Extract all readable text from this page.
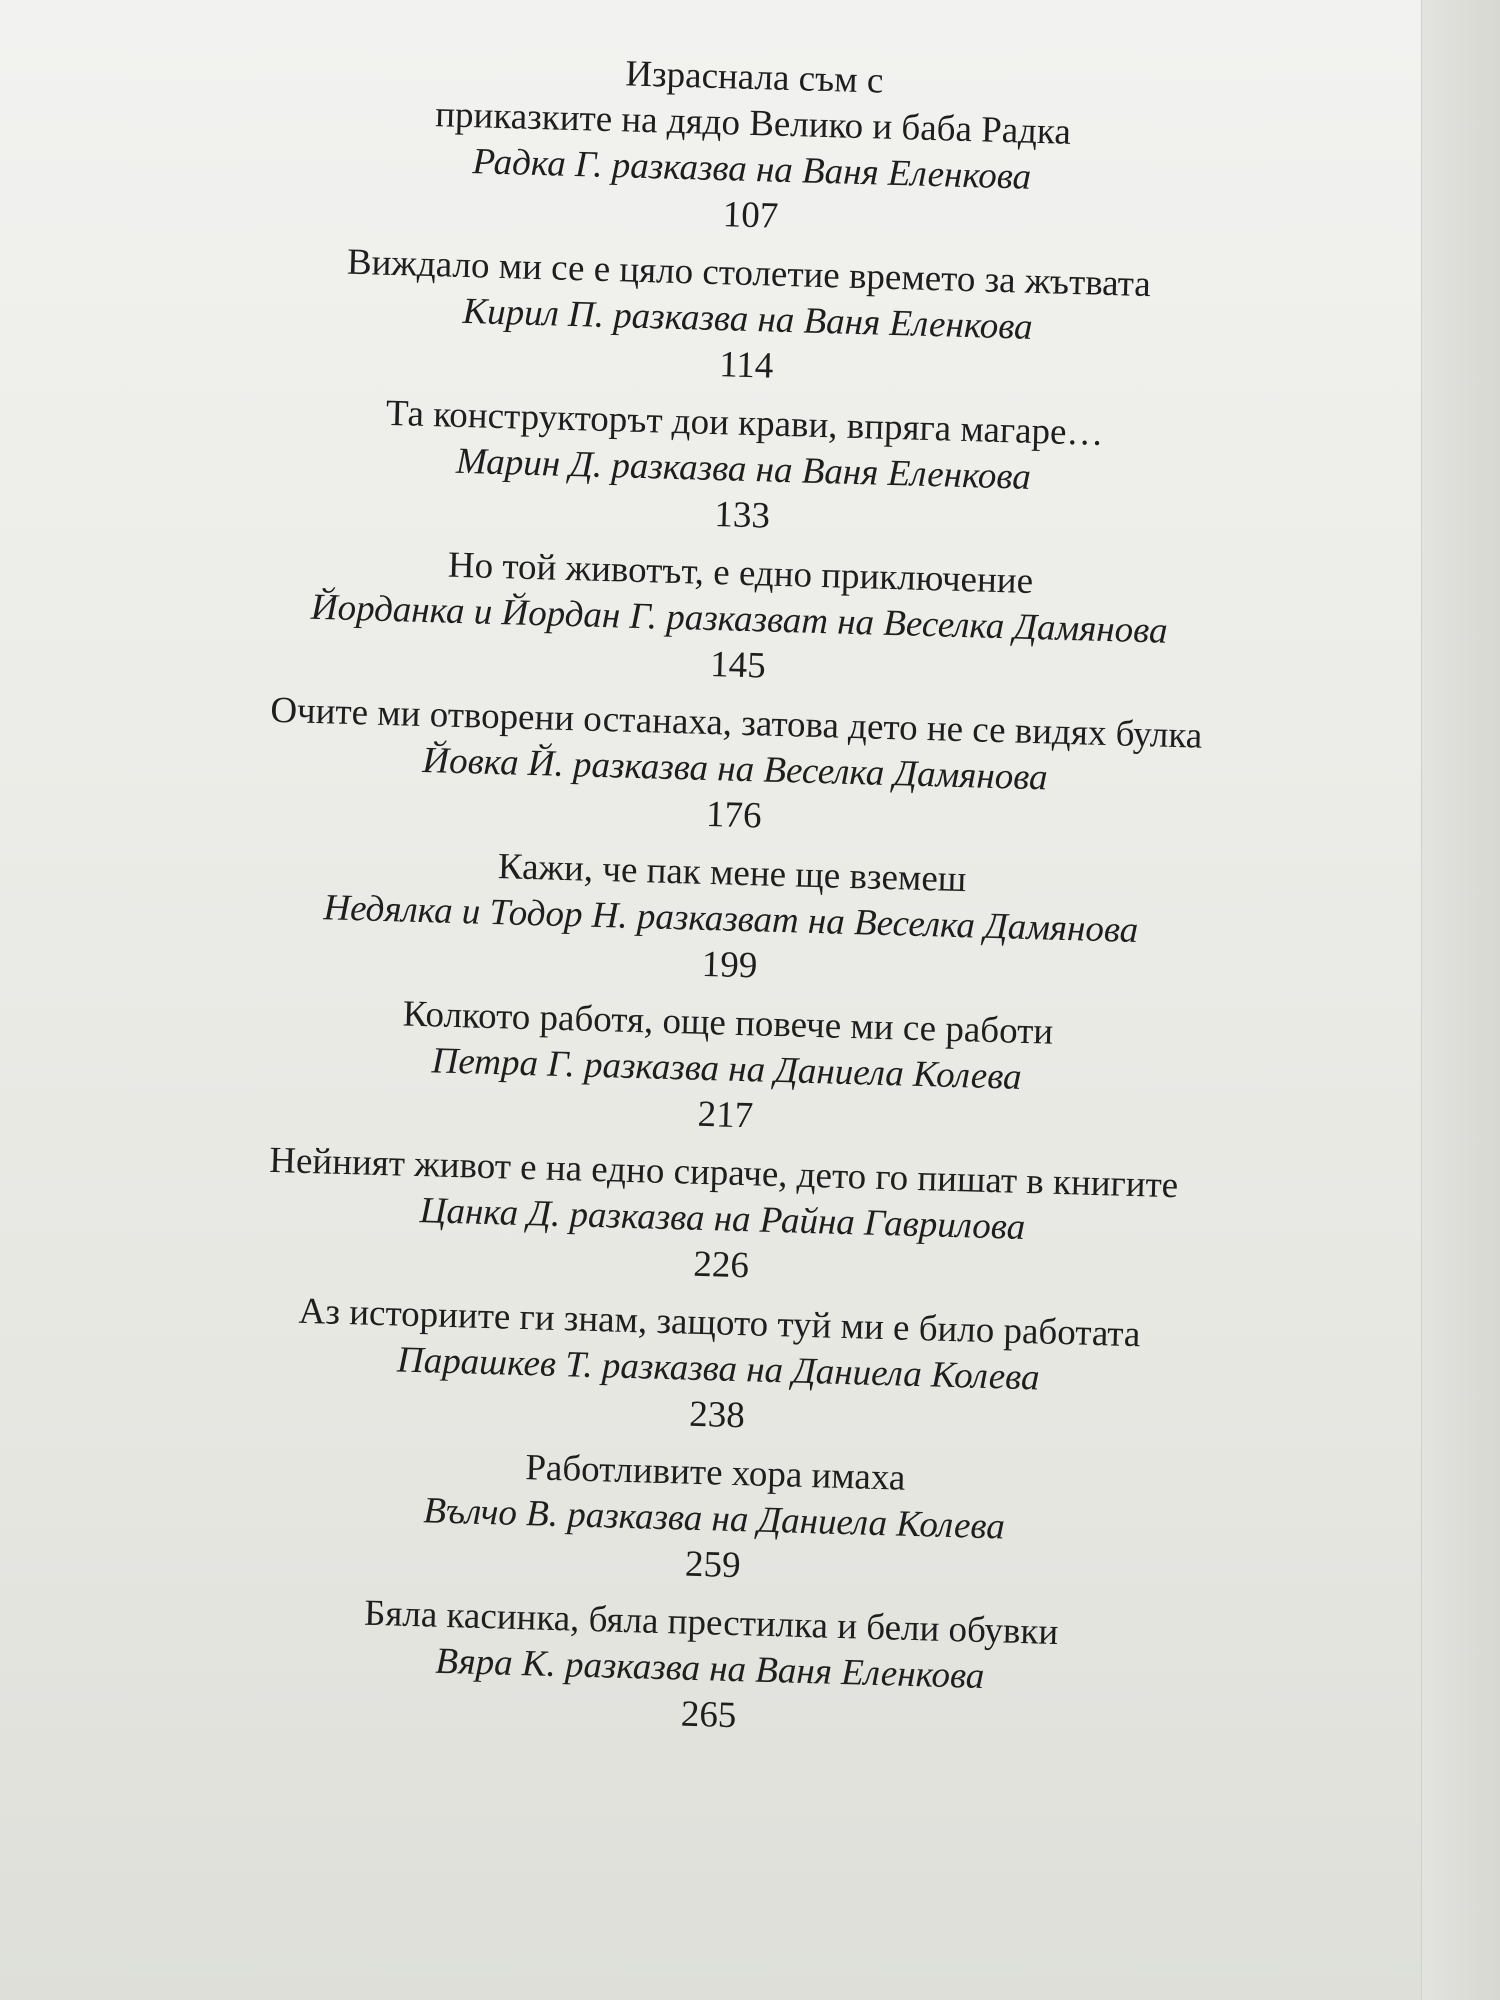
Израснала съм с
приказките на дядо Велико и баба Радка
Радка Г. разказва на Ваня Еленкова
107
Виждало ми се е цяло столетие времето за жътвата
Кирил П. разказва на Ваня Еленкова
114
Та конструкторът дои крави, впряга магаре…
Марин Д. разказва на Ваня Еленкова
133
Но той животът, е едно приключение
Йорданка и Йордан Г. разказват на Веселка Дамянова
145
Очите ми отворени останаха, затова дето не се видях булка
Йовка Й. разказва на Веселка Дамянова
176
Кажи, че пак мене ще вземеш
Недялка и Тодор Н. разказват на Веселка Дамянова
199
Колкото работя, още повече ми се работи
Петра Г. разказва на Даниела Колева
217
Нейният живот е на едно сираче, дето го пишат в книгите
Цанка Д. разказва на Райна Гаврилова
226
Аз историите ги знам, защото туй ми е било работата
Парашкев Т. разказва на Даниела Колева
238
Работливите хора имаха
Вълчо В. разказва на Даниела Колева
259
Бяла касинка, бяла престилка и бели обувки
Вяра К. разказва на Ваня Еленкова
265
